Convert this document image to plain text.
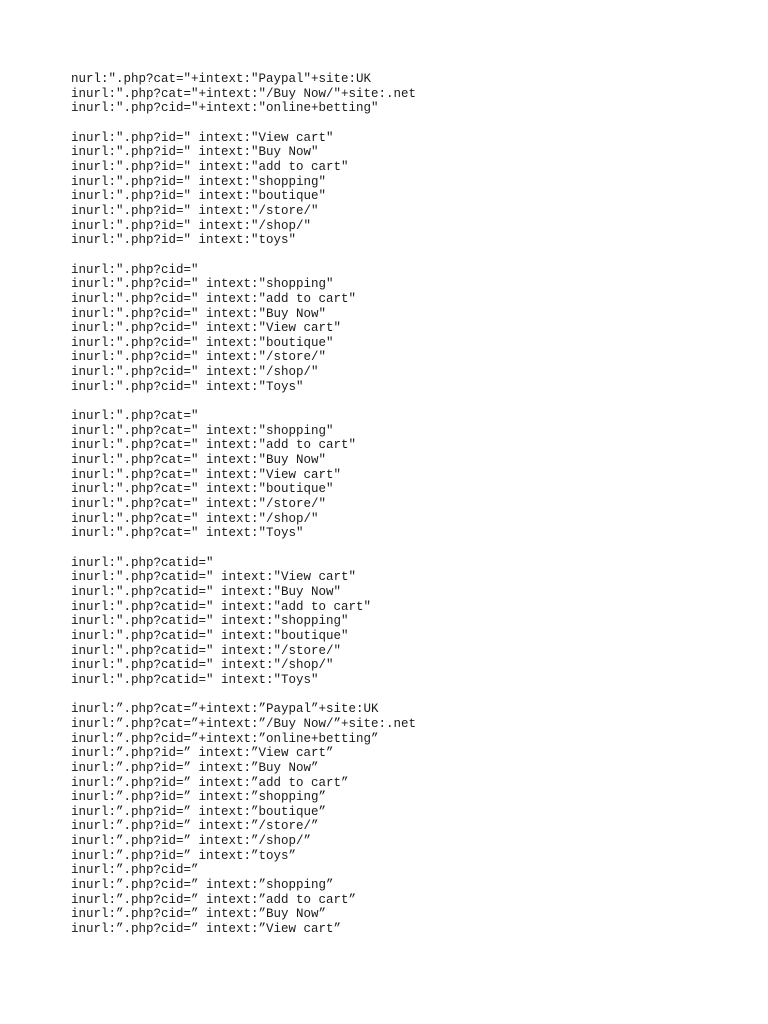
nurl:".php?cat="+intext:"Paypal"+site:UK
inurl:".php?cat="+intext:"/Buy Now/"+site:.net
inurl:".php?cid="+intext:"online+betting"
inurl:".php?id=" intext:"View cart"
inurl:".php?id=" intext:"Buy Now"
inurl:".php?id=" intext:"add to cart"
inurl:".php?id=" intext:"shopping"
inurl:".php?id=" intext:"boutique"
inurl:".php?id=" intext:"/store/"
inurl:".php?id=" intext:"/shop/"
inurl:".php?id=" intext:"toys"
inurl:".php?cid="
inurl:".php?cid=" intext:"shopping"
inurl:".php?cid=" intext:"add to cart"
inurl:".php?cid=" intext:"Buy Now"
inurl:".php?cid=" intext:"View cart"
inurl:".php?cid=" intext:"boutique"
inurl:".php?cid=" intext:"/store/"
inurl:".php?cid=" intext:"/shop/"
inurl:".php?cid=" intext:"Toys"
inurl:".php?cat="
inurl:".php?cat=" intext:"shopping"
inurl:".php?cat=" intext:"add to cart"
inurl:".php?cat=" intext:"Buy Now"
inurl:".php?cat=" intext:"View cart"
inurl:".php?cat=" intext:"boutique"
inurl:".php?cat=" intext:"/store/"
inurl:".php?cat=" intext:"/shop/"
inurl:".php?cat=" intext:"Toys"
inurl:".php?catid="
inurl:".php?catid=" intext:"View cart"
inurl:".php?catid=" intext:"Buy Now"
inurl:".php?catid=" intext:"add to cart"
inurl:".php?catid=" intext:"shopping"
inurl:".php?catid=" intext:"boutique"
inurl:".php?catid=" intext:"/store/"
inurl:".php?catid=" intext:"/shop/"
inurl:".php?catid=" intext:"Toys"
inurl:”.php?cat=”+intext:”Paypal”+site:UK
inurl:”.php?cat=”+intext:”/Buy Now/”+site:.net
inurl:”.php?cid=”+intext:”online+betting”
inurl:”.php?id=” intext:”View cart”
inurl:”.php?id=” intext:”Buy Now”
inurl:”.php?id=” intext:”add to cart”
inurl:”.php?id=” intext:”shopping”
inurl:”.php?id=” intext:”boutique”
inurl:”.php?id=” intext:”/store/”
inurl:”.php?id=” intext:”/shop/”
inurl:”.php?id=” intext:”toys”
inurl:”.php?cid=”
inurl:”.php?cid=” intext:”shopping”
inurl:”.php?cid=” intext:”add to cart”
inurl:”.php?cid=” intext:”Buy Now”
inurl:”.php?cid=” intext:”View cart”
